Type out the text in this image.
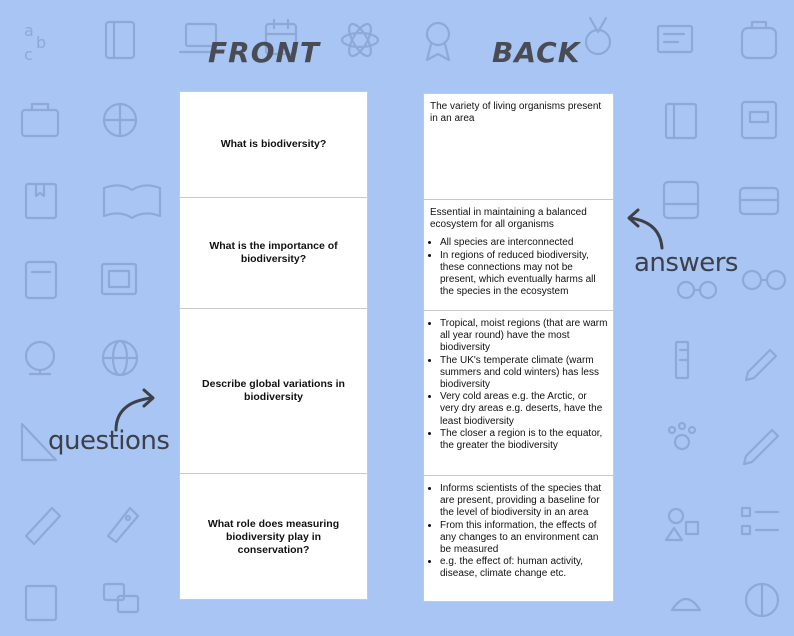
a
b
c	FRONT	BACK
What is biodiversity?
What is the importance of biodiversity?
Describe global variations in biodiversity
What role does measuring biodiversity play in conservation?

The variety of living organisms present in an area

Essential in maintaining a balanced ecosystem for all organisms

• All species are interconnected
• In regions of reduced biodiversity, these connections may not be present, which eventually harms all the species in the ecosystem
• Tropical, moist regions (that are warm all year round) have the most biodiversity
• The UK's temperate climate (warm summers and cold winters) has less biodiversity
• Very cold areas e.g. the Arctic, or very dry areas e.g. deserts, have the least biodiversity
• The closer a region is to the equator, the greater the biodiversity
• Informs scientists of the species that are present, providing a baseline for the level of biodiversity in an area
• From this information, the effects of any changes to an environment can be measured
• e.g. the effect of: human activity, disease, climate change etc.

answers

questions
